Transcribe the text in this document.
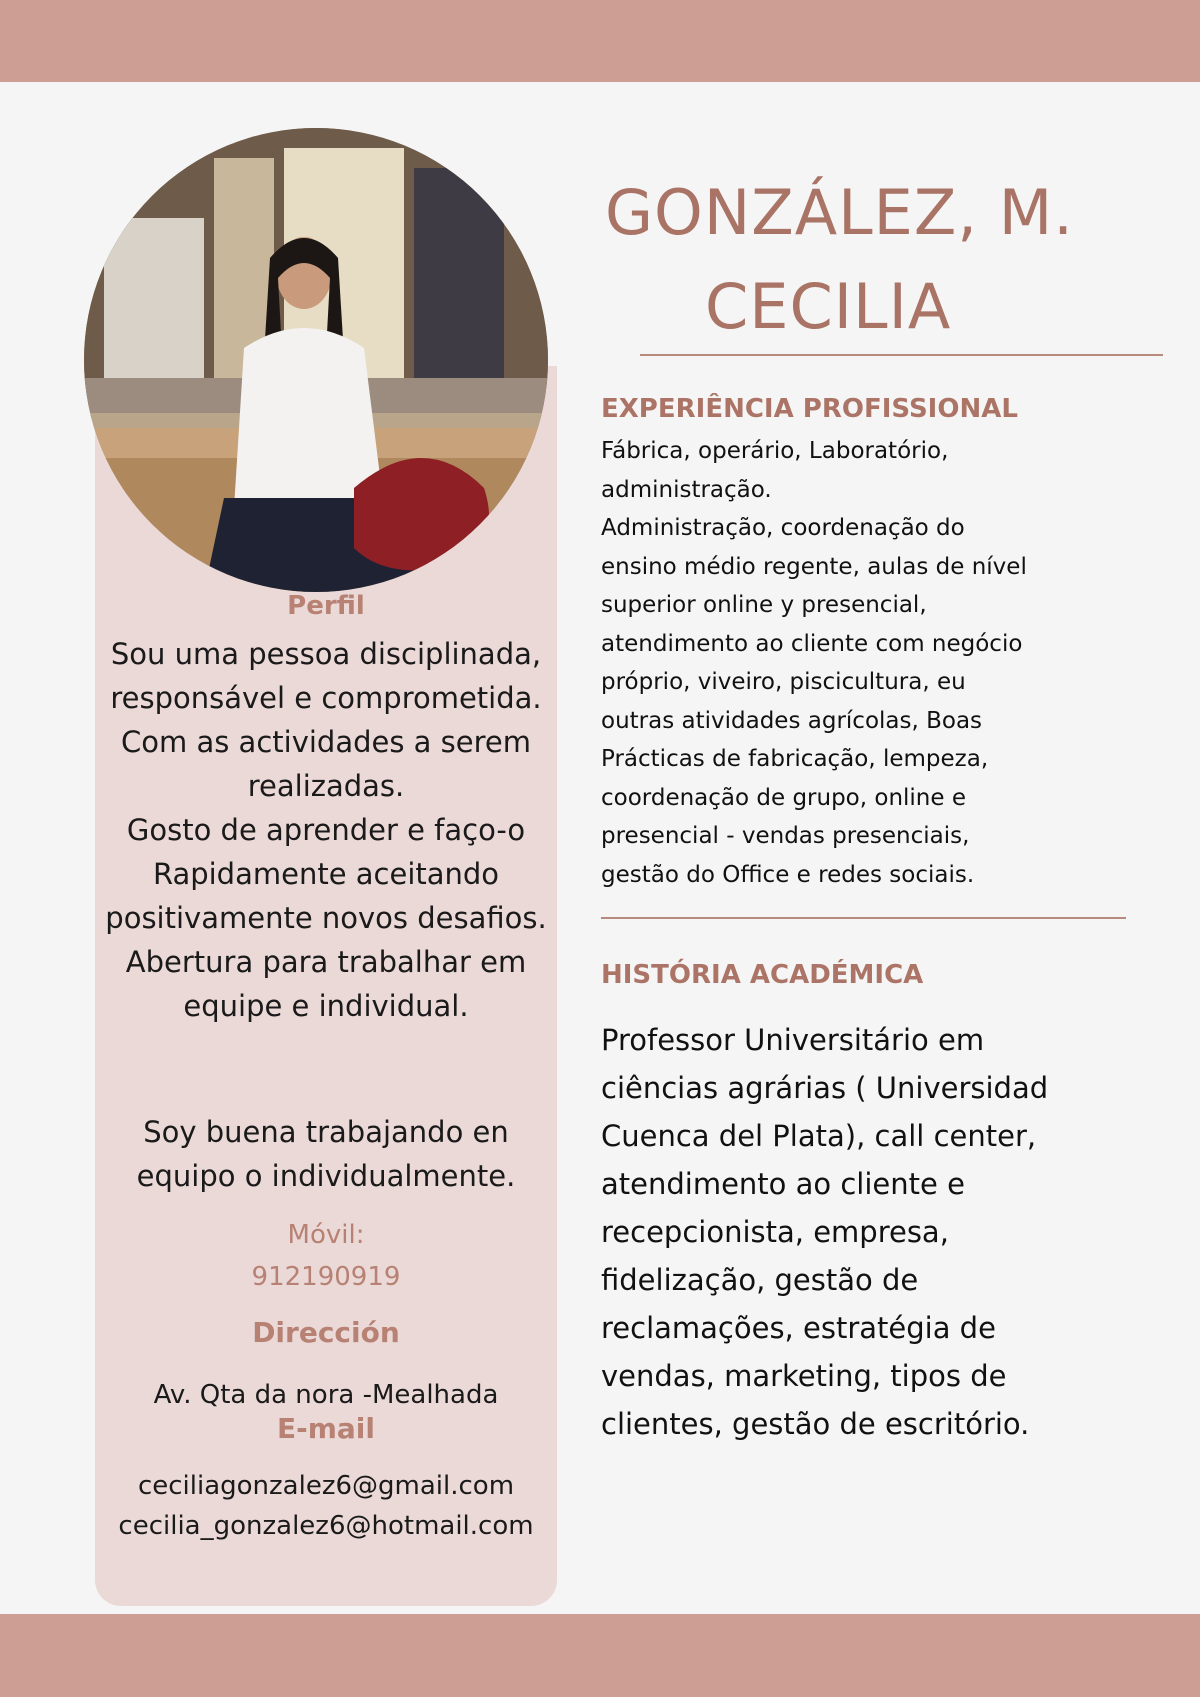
GONZÁLEZ, M.
CECILIA
Perfil
Sou uma pessoa disciplinada,
responsável e comprometida.
Com as actividades a serem
realizadas.
Gosto de aprender e faço-o
Rapidamente aceitando
positivamente novos desafios.
Abertura para trabalhar em
equipe e individual.
Soy buena trabajando en
equipo o individualmente.
Móvil:
912190919
Dirección
Av. Qta da nora -Mealhada
E-mail
ceciliagonzalez6@gmail.com
cecilia_gonzalez6@hotmail.com
EXPERIÊNCIA PROFISSIONAL
Fábrica, operário, Laboratório,
administração.
Administração, coordenação do
ensino médio regente, aulas de nível
superior online y presencial,
atendimento ao cliente com negócio
próprio, viveiro, piscicultura, eu
outras atividades agrícolas, Boas
Prácticas de fabricação, lempeza,
coordenação de grupo, online e
presencial - vendas presenciais,
gestão do Office e redes sociais.
HISTÓRIA ACADÉMICA
Professor Universitário em
ciências agrárias ( Universidad
Cuenca del Plata), call center,
atendimento ao cliente e
recepcionista, empresa,
fidelização, gestão de
reclamações, estratégia de
vendas, marketing, tipos de
clientes, gestão de escritório.
